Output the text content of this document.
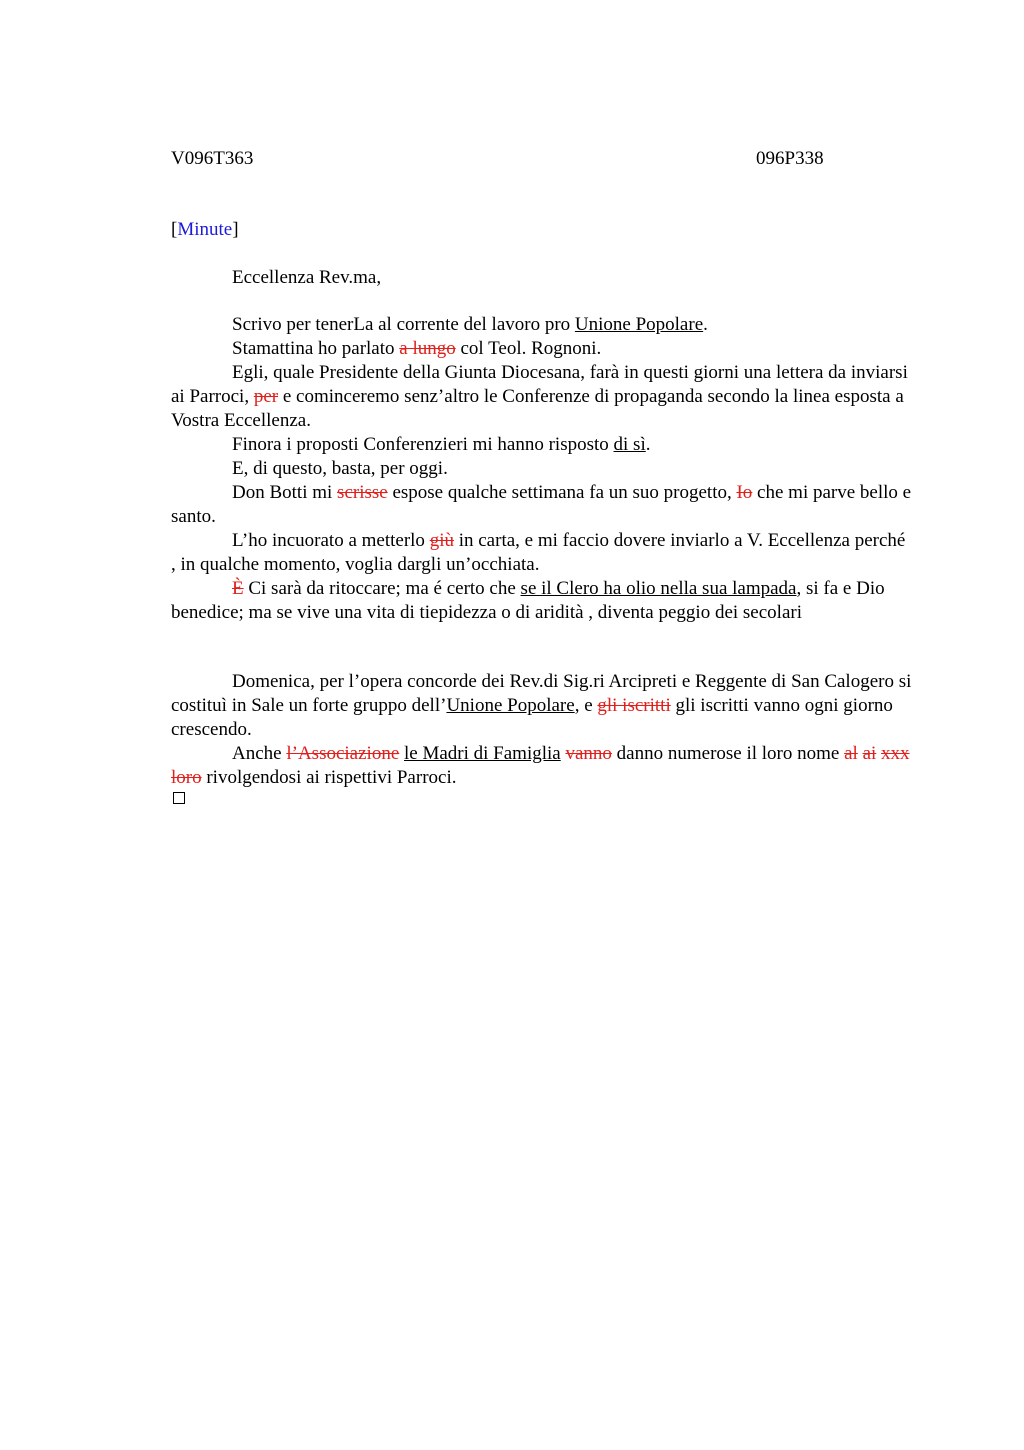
V096T363	096P338
[Minute]

Eccellenza Rev.ma,

Scrivo per tenerLa al corrente del lavoro pro Unione Popolare.

Stamattina ho parlato a lungo col Teol. Rognoni.

Egli, quale Presidente della Giunta Diocesana, farà in questi giorni una lettera da inviarsi ai Parroci, per e cominceremo senz’altro le Conferenze di propaganda secondo la linea esposta a Vostra Eccellenza.

Finora i proposti Conferenzieri mi hanno risposto di sì.

E, di questo, basta, per oggi.

Don Botti mi scrisse espose qualche settimana fa un suo progetto, Io che mi parve bello e santo.

L’ho incuorato a metterlo giù in carta, e mi faccio dovere inviarlo a V. Eccellenza perché , in qualche momento, voglia dargli un’occhiata.

È Ci sarà da ritoccare; ma é certo che se il Clero ha olio nella sua lampada, si fa e Dio benedice; ma se vive una vita di tiepidezza o di aridità , diventa peggio dei secolari

Domenica, per l’opera concorde dei Rev.di Sig.ri Arcipreti e Reggente di San Calogero si costituì in Sale un forte gruppo dell’Unione Popolare, e gli iscritti gli iscritti vanno ogni giorno crescendo.

Anche l’Associazione le Madri di Famiglia vanno danno numerose il loro nome al ai xxx loro rivolgendosi ai rispettivi Parroci.
